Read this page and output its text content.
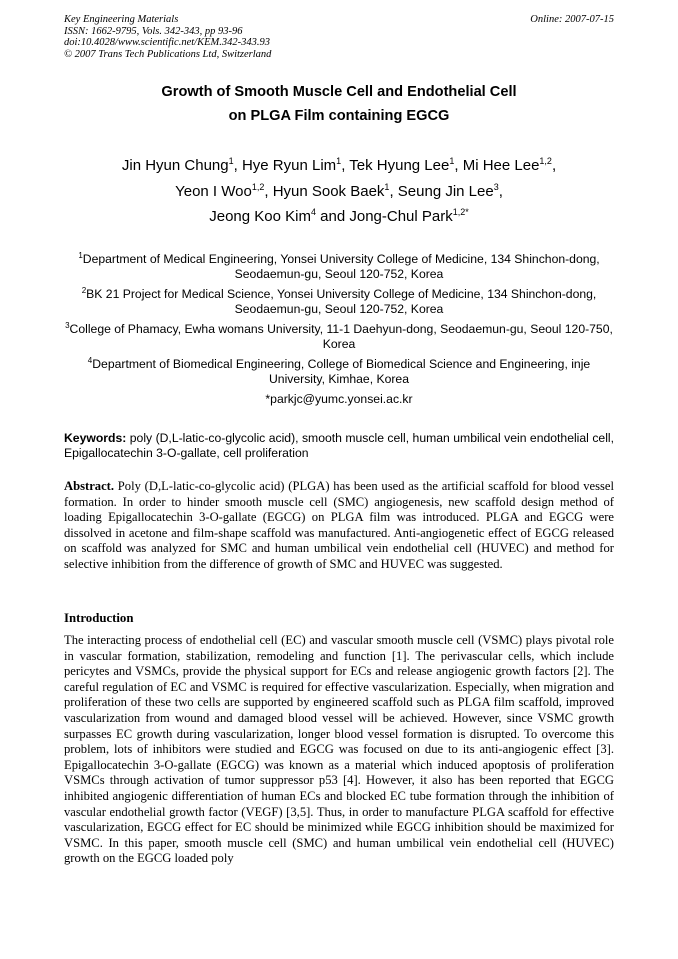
Key Engineering Materials
ISSN: 1662-9795, Vols. 342-343, pp 93-96
doi:10.4028/www.scientific.net/KEM.342-343.93
© 2007 Trans Tech Publications Ltd, Switzerland
Online: 2007-07-15
Growth of Smooth Muscle Cell and Endothelial Cell
on PLGA Film containing EGCG
Jin Hyun Chung$^1$, Hye Ryun Lim$^1$, Tek Hyung Lee$^1$, Mi Hee Lee$^{1,2}$,
Yeon I Woo$^{1,2}$, Hyun Sook Baek$^1$, Seung Jin Lee$^3$,
Jeong Koo Kim$^4$ and Jong-Chul Park$^{1,2*}$
$^1$Department of Medical Engineering, Yonsei University College of Medicine, 134 Shinchon-dong, Seodaemun-gu, Seoul 120-752, Korea
$^2$BK 21 Project for Medical Science, Yonsei University College of Medicine, 134 Shinchon-dong, Seodaemun-gu, Seoul 120-752, Korea
$^3$College of Phamacy, Ewha womans University, 11-1 Daehyun-dong, Seodaemun-gu, Seoul 120-750, Korea
$^4$Department of Biomedical Engineering, College of Biomedical Science and Engineering, inje University, Kimhae, Korea
*parkjc@yumc.yonsei.ac.kr
Keywords: poly (D,L-latic-co-glycolic acid), smooth muscle cell, human umbilical vein endothelial cell, Epigallocatechin 3-O-gallate, cell proliferation
Abstract. Poly (D,L-latic-co-glycolic acid) (PLGA) has been used as the artificial scaffold for blood vessel formation. In order to hinder smooth muscle cell (SMC) angiogenesis, new scaffold design method of loading Epigallocatechin 3-O-gallate (EGCG) on PLGA film was introduced. PLGA and EGCG were dissolved in acetone and film-shape scaffold was manufactured. Anti-angiogenetic effect of EGCG released on scaffold was analyzed for SMC and human umbilical vein endothelial cell (HUVEC) and method for selective inhibition from the difference of growth of SMC and HUVEC was suggested.
Introduction
The interacting process of endothelial cell (EC) and vascular smooth muscle cell (VSMC) plays pivotal role in vascular formation, stabilization, remodeling and function [1]. The perivascular cells, which include pericytes and VSMCs, provide the physical support for ECs and release angiogenic growth factors [2]. The careful regulation of EC and VSMC is required for effective vascularization. Especially, when migration and proliferation of these two cells are supported by engineered scaffold such as PLGA film scaffold, improved vascularization from wound and damaged blood vessel will be achieved. However, since VSMC growth surpasses EC growth during vascularization, longer blood vessel formation is disrupted. To overcome this problem, lots of inhibitors were studied and EGCG was focused on due to its anti-angiogenic effect [3]. Epigallocatechin 3-O-gallate (EGCG) was known as a material which induced apoptosis of proliferation VSMCs through activation of tumor suppressor p53 [4]. However, it also has been reported that EGCG inhibited angiogenic differentiation of human ECs and blocked EC tube formation through the inhibition of vascular endothelial growth factor (VEGF) [3,5]. Thus, in order to manufacture PLGA scaffold for effective vascularization, EGCG effect for EC should be minimized while EGCG inhibition should be maximized for VSMC. In this paper, smooth muscle cell (SMC) and human umbilical vein endothelial cell (HUVEC) growth on the EGCG loaded poly
